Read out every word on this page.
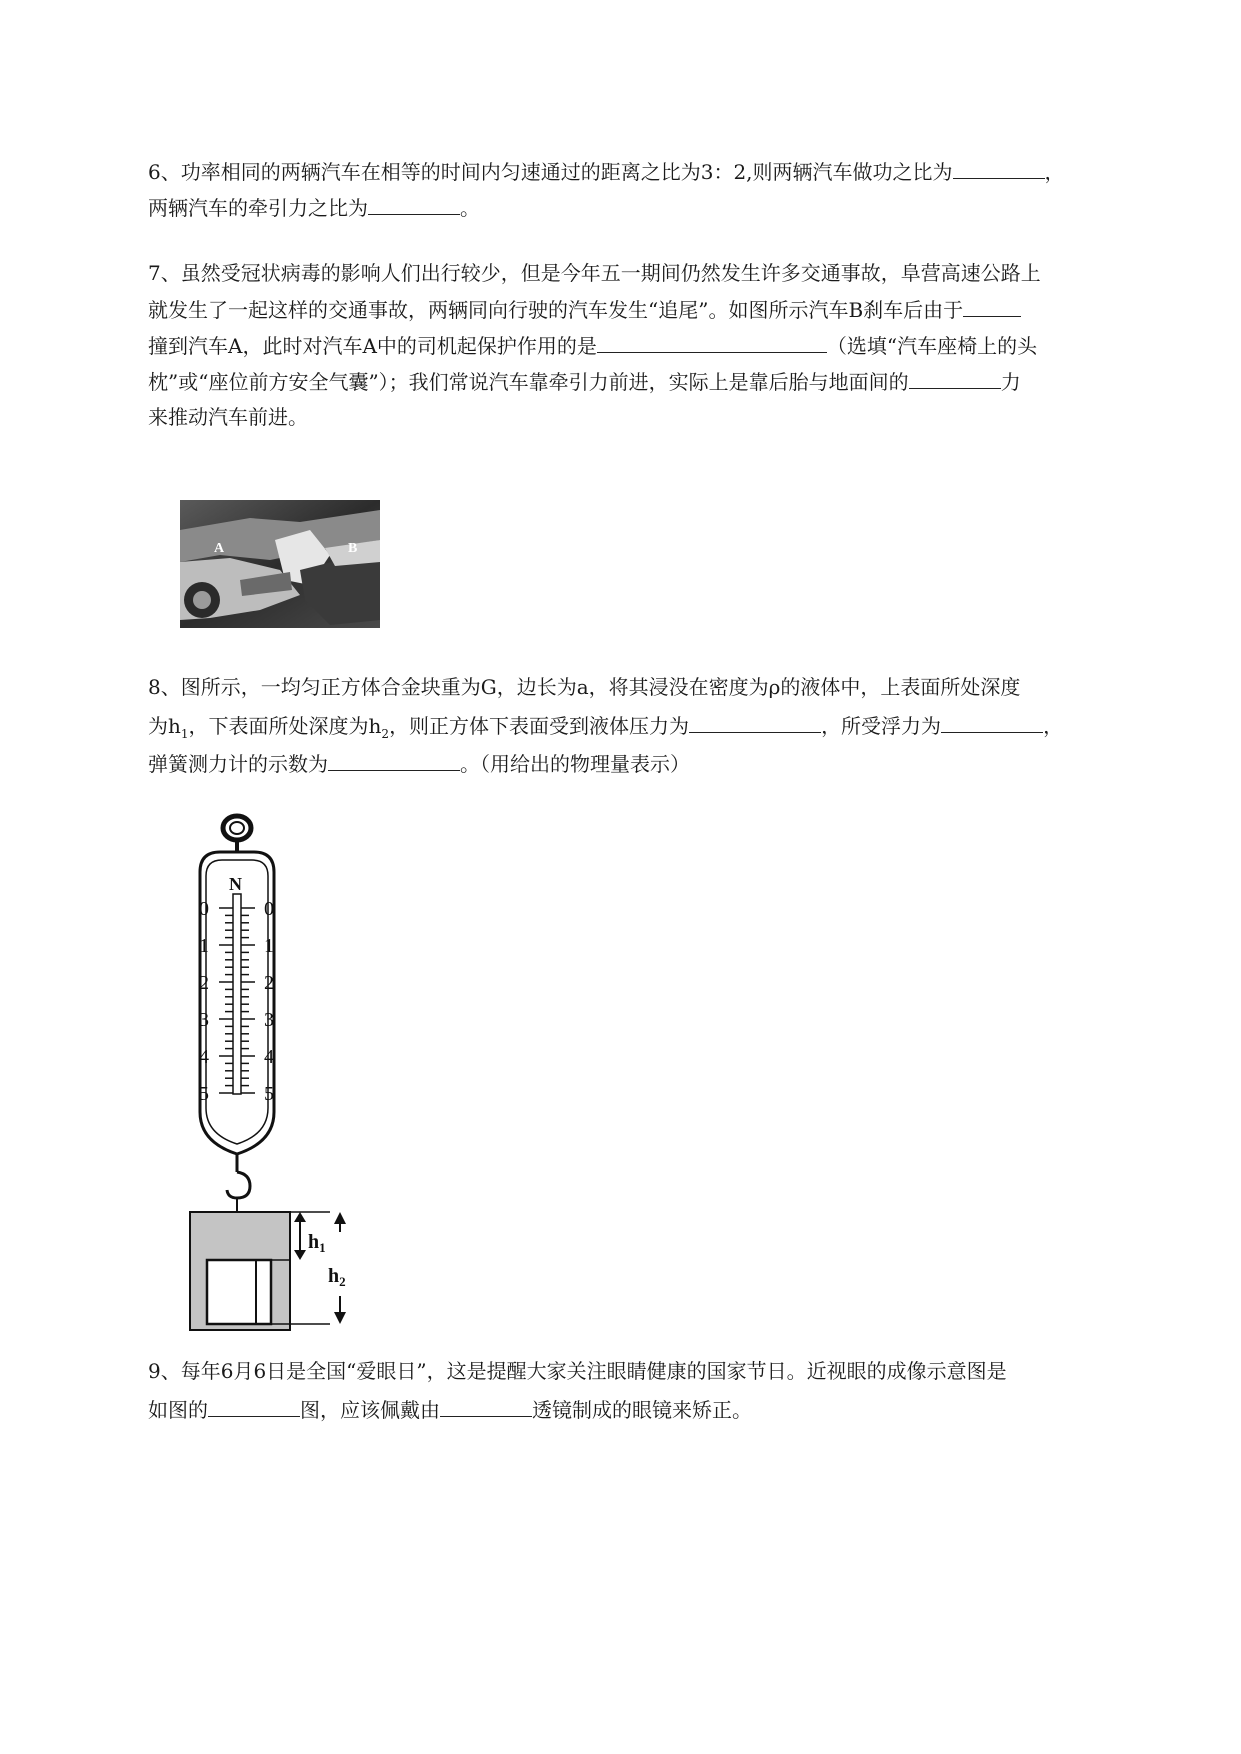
6、功率相同的两辆汽车在相等的时间内匀速通过的距离之比为3：2,则两辆汽车做功之比为	，
两辆汽车的牵引力之比为	。
7、虽然受冠状病毒的影响人们出行较少，但是今年五一期间仍然发生许多交通事故，阜营高速公路上
就发生了一起这样的交通事故，两辆同向行驶的汽车发生“追尾”。如图所示汽车B刹车后由于
撞到汽车A，此时对汽车A中的司机起保护作用的是	（选填“汽车座椅上的头
枕”或“座位前方安全气囊”）；我们常说汽车靠牵引力前进，实际上是靠后胎与地面间的	力
来推动汽车前进。
A	B
8、图所示，一均匀正方体合金块重为G，边长为a，将其浸没在密度为ρ的液体中，上表面所处深度
为$h_1$，下表面所处深度为$h_2$，则正方体下表面受到液体压力为	，所受浮力为	，
弹簧测力计的示数为	。（用给出的物理量表示）
N
0
1
2
3
4
5
0
1
2
3
4
5
$h_1$
$h_2$
9、每年6月6日是全国“爱眼日”，这是提醒大家关注眼睛健康的国家节日。近视眼的成像示意图是
如图的	图，应该佩戴由	透镜制成的眼镜来矫正。
